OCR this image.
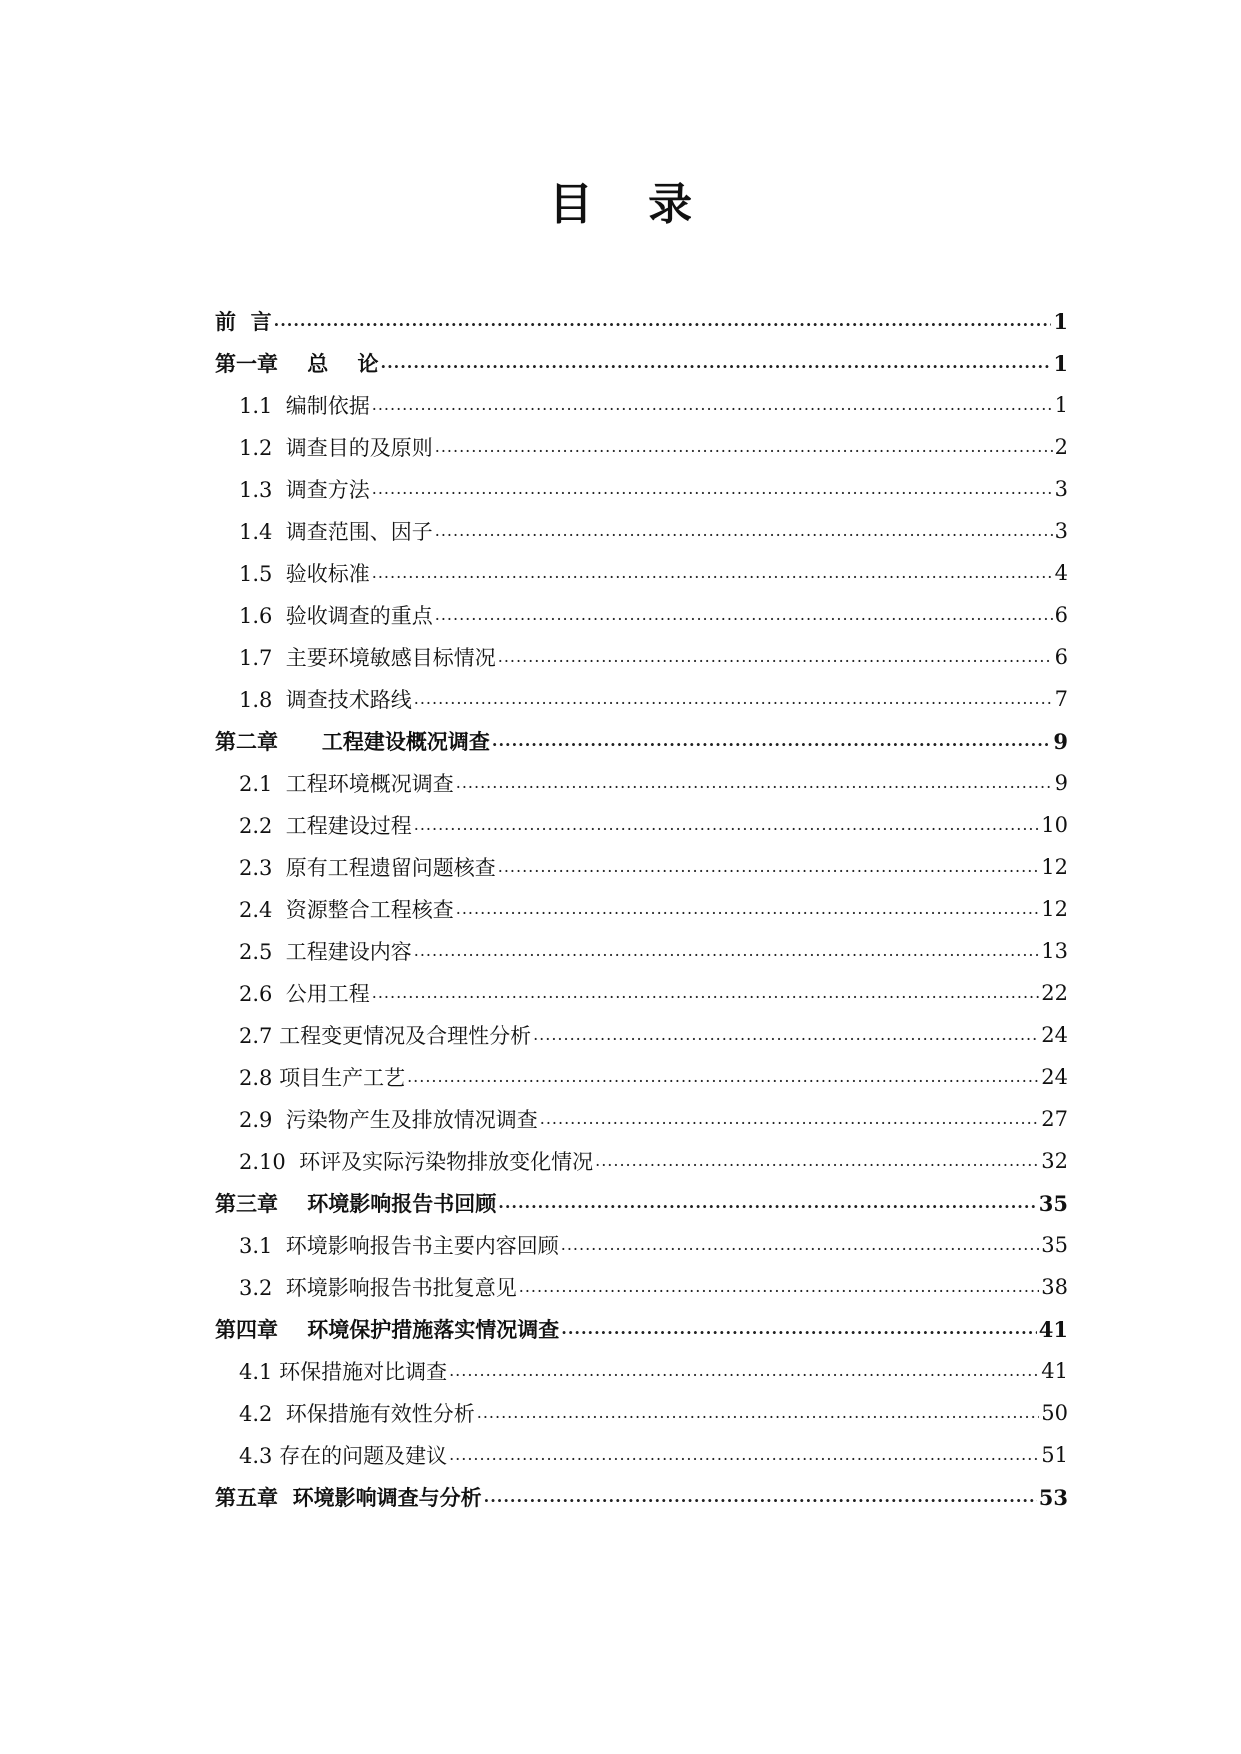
目 录
前  言 .....	1
第一章    总    论 .....	1
1.1  编制依据 .....	1
1.2  调查目的及原则 .....	2
1.3  调查方法 .....	3
1.4  调查范围、因子 .....	3
1.5  验收标准 .....	4
1.6  验收调查的重点 .....	6
1.7  主要环境敏感目标情况 .....	6
1.8  调查技术路线 .....	7
第二章      工程建设概况调查 .....	9
2.1  工程环境概况调查 .....	9
2.2  工程建设过程 .....	10
2.3  原有工程遗留问题核查 .....	12
2.4  资源整合工程核查 .....	12
2.5  工程建设内容 .....	13
2.6  公用工程 .....	22
2.7 工程变更情况及合理性分析 .....	24
2.8 项目生产工艺 .....	24
2.9  污染物产生及排放情况调查 .....	27
2.10  环评及实际污染物排放变化情况 .....	32
第三章    环境影响报告书回顾 .....	35
3.1  环境影响报告书主要内容回顾 .....	35
3.2  环境影响报告书批复意见 .....	38
第四章    环境保护措施落实情况调查 .....	41
4.1 环保措施对比调查 .....	41
4.2  环保措施有效性分析 .....	50
4.3 存在的问题及建议 .....	51
第五章  环境影响调查与分析 .....	53
